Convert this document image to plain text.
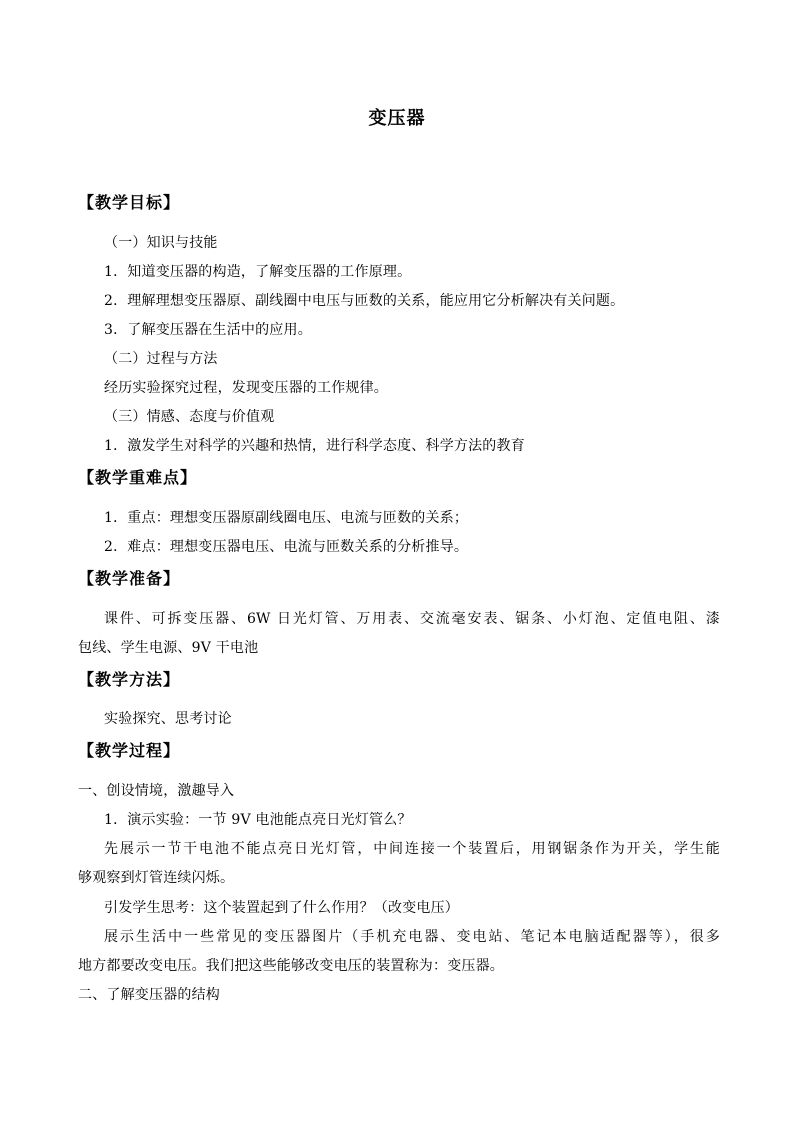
变压器
【教学目标】
（一）知识与技能
1．知道变压器的构造，了解变压器的工作原理。
2．理解理想变压器原、副线圈中电压与匝数的关系，能应用它分析解决有关问题。
3．了解变压器在生活中的应用。
（二）过程与方法
经历实验探究过程，发现变压器的工作规律。
（三）情感、态度与价值观
1．激发学生对科学的兴趣和热情，进行科学态度、科学方法的教育
【教学重难点】
1．重点：理想变压器原副线圈电压、电流与匝数的关系；
2．难点：理想变压器电压、电流与匝数关系的分析推导。
【教学准备】
课件、可拆变压器、6W 日光灯管、万用表、交流毫安表、锯条、小灯泡、定值电阻、漆
包线、学生电源、9V 干电池
【教学方法】
实验探究、思考讨论
【教学过程】
一、创设情境，激趣导入
1．演示实验：一节 9V 电池能点亮日光灯管么？
先展示一节干电池不能点亮日光灯管，中间连接一个装置后，用钢锯条作为开关，学生能
够观察到灯管连续闪烁。
引发学生思考：这个装置起到了什么作用？（改变电压）
展示生活中一些常见的变压器图片（手机充电器、变电站、笔记本电脑适配器等），很多
地方都要改变电压。我们把这些能够改变电压的装置称为：变压器。
二、了解变压器的结构
